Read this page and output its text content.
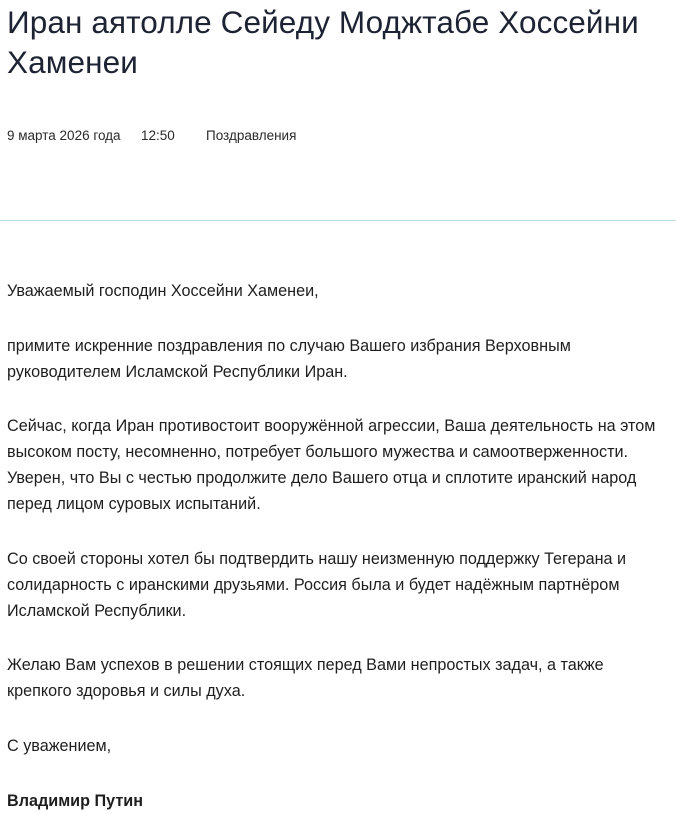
Иран аятолле Сейеду Моджтабе Хоссейни Хаменеи
9 марта 2026 года 12:50 Поздравления

Уважаемый господин Хоссейни Хаменеи,

примите искренние поздравления по случаю Вашего избрания Верховным руководителем Исламской Республики Иран.

Сейчас, когда Иран противостоит вооружённой агрессии, Ваша деятельность на этом высоком посту, несомненно, потребует большого мужества и самоотверженности. Уверен, что Вы с честью продолжите дело Вашего отца и сплотите иранский народ перед лицом суровых испытаний.

Со своей стороны хотел бы подтвердить нашу неизменную поддержку Тегерана и солидарность с иранскими друзьями. Россия была и будет надёжным партнёром Исламской Республики.

Желаю Вам успехов в решении стоящих перед Вами непростых задач, а также крепкого здоровья и силы духа.

С уважением,

Владимир Путин
